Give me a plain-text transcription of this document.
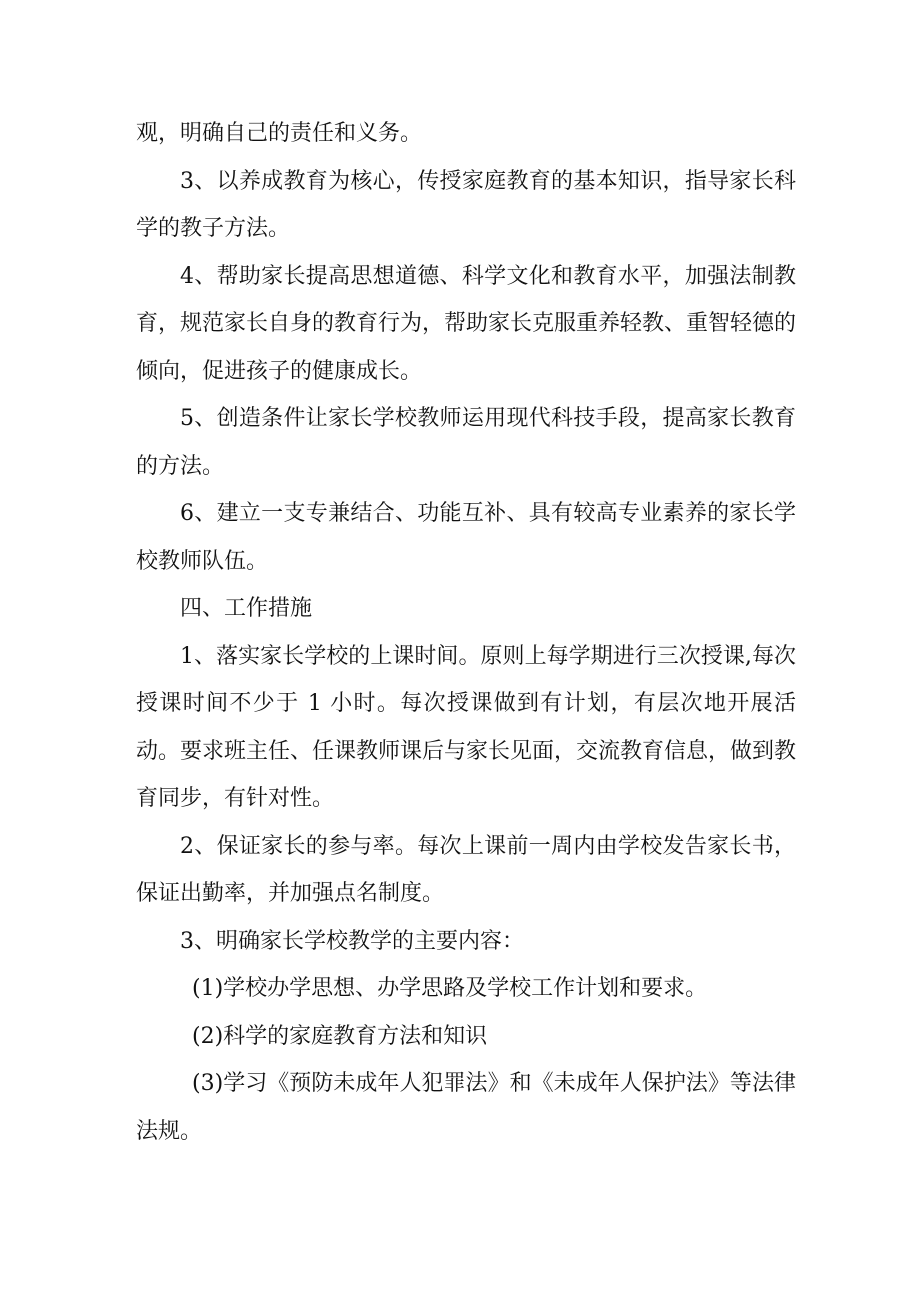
观，明确自己的责任和义务。

3、以养成教育为核心，传授家庭教育的基本知识，指导家长科学的教子方法。

4、帮助家长提高思想道德、科学文化和教育水平，加强法制教育，规范家长自身的教育行为，帮助家长克服重养轻教、重智轻德的倾向，促进孩子的健康成长。

5、创造条件让家长学校教师运用现代科技手段，提高家长教育的方法。

6、建立一支专兼结合、功能互补、具有较高专业素养的家长学校教师队伍。

四、工作措施

1、落实家长学校的上课时间。原则上每学期进行三次授课,每次授课时间不少于 1 小时。每次授课做到有计划，有层次地开展活动。要求班主任、任课教师课后与家长见面，交流教育信息，做到教育同步，有针对性。

2、保证家长的参与率。每次上课前一周内由学校发告家长书，保证出勤率，并加强点名制度。

3、明确家长学校教学的主要内容：

(1)学校办学思想、办学思路及学校工作计划和要求。

(2)科学的家庭教育方法和知识

(3)学习《预防未成年人犯罪法》和《未成年人保护法》等法律法规。
